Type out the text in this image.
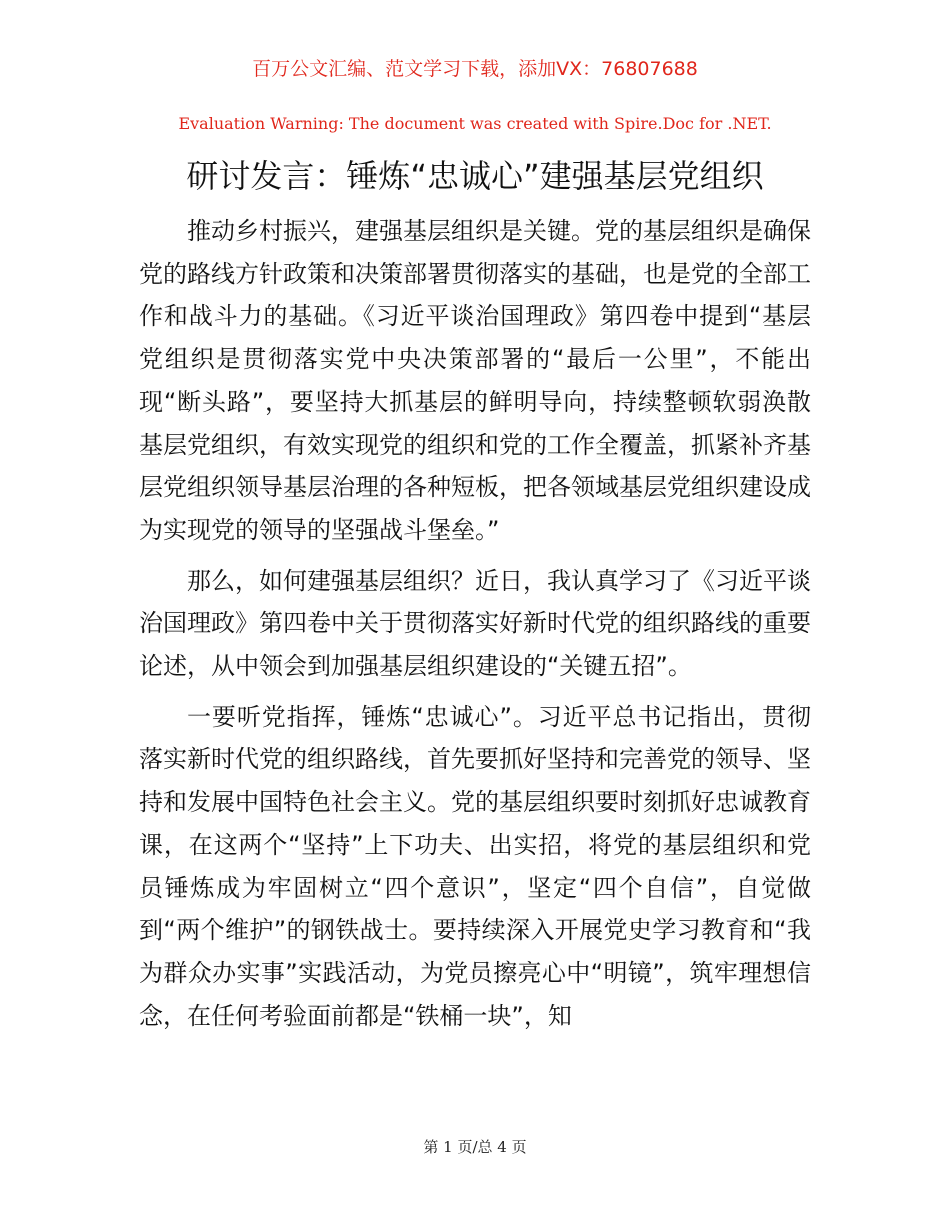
百万公文汇编、范文学习下载，添加VX：76807688

Evaluation Warning: The document was created with Spire.Doc for .NET.

研讨发言：锤炼“忠诚心”建强基层党组织

推动乡村振兴，建强基层组织是关键。党的基层组织是确保党的路线方针政策和决策部署贯彻落实的基础，也是党的全部工作和战斗力的基础。《习近平谈治国理政》第四卷中提到“基层党组织是贯彻落实党中央决策部署的“最后一公里”，不能出现“断头路”，要坚持大抓基层的鲜明导向，持续整顿软弱涣散基层党组织，有效实现党的组织和党的工作全覆盖，抓紧补齐基层党组织领导基层治理的各种短板，把各领域基层党组织建设成为实现党的领导的坚强战斗堡垒。”

那么，如何建强基层组织？近日，我认真学习了《习近平谈治国理政》第四卷中关于贯彻落实好新时代党的组织路线的重要论述，从中领会到加强基层组织建设的“关键五招”。

一要听党指挥，锤炼“忠诚心”。习近平总书记指出，贯彻落实新时代党的组织路线，首先要抓好坚持和完善党的领导、坚持和发展中国特色社会主义。党的基层组织要时刻抓好忠诚教育课，在这两个“坚持”上下功夫、出实招，将党的基层组织和党员锤炼成为牢固树立“四个意识”，坚定“四个自信”，自觉做到“两个维护”的钢铁战士。要持续深入开展党史学习教育和“我为群众办实事”实践活动，为党员擦亮心中“明镜”，筑牢理想信念，在任何考验面前都是“铁桶一块”，知

第 1 页/总 4 页
